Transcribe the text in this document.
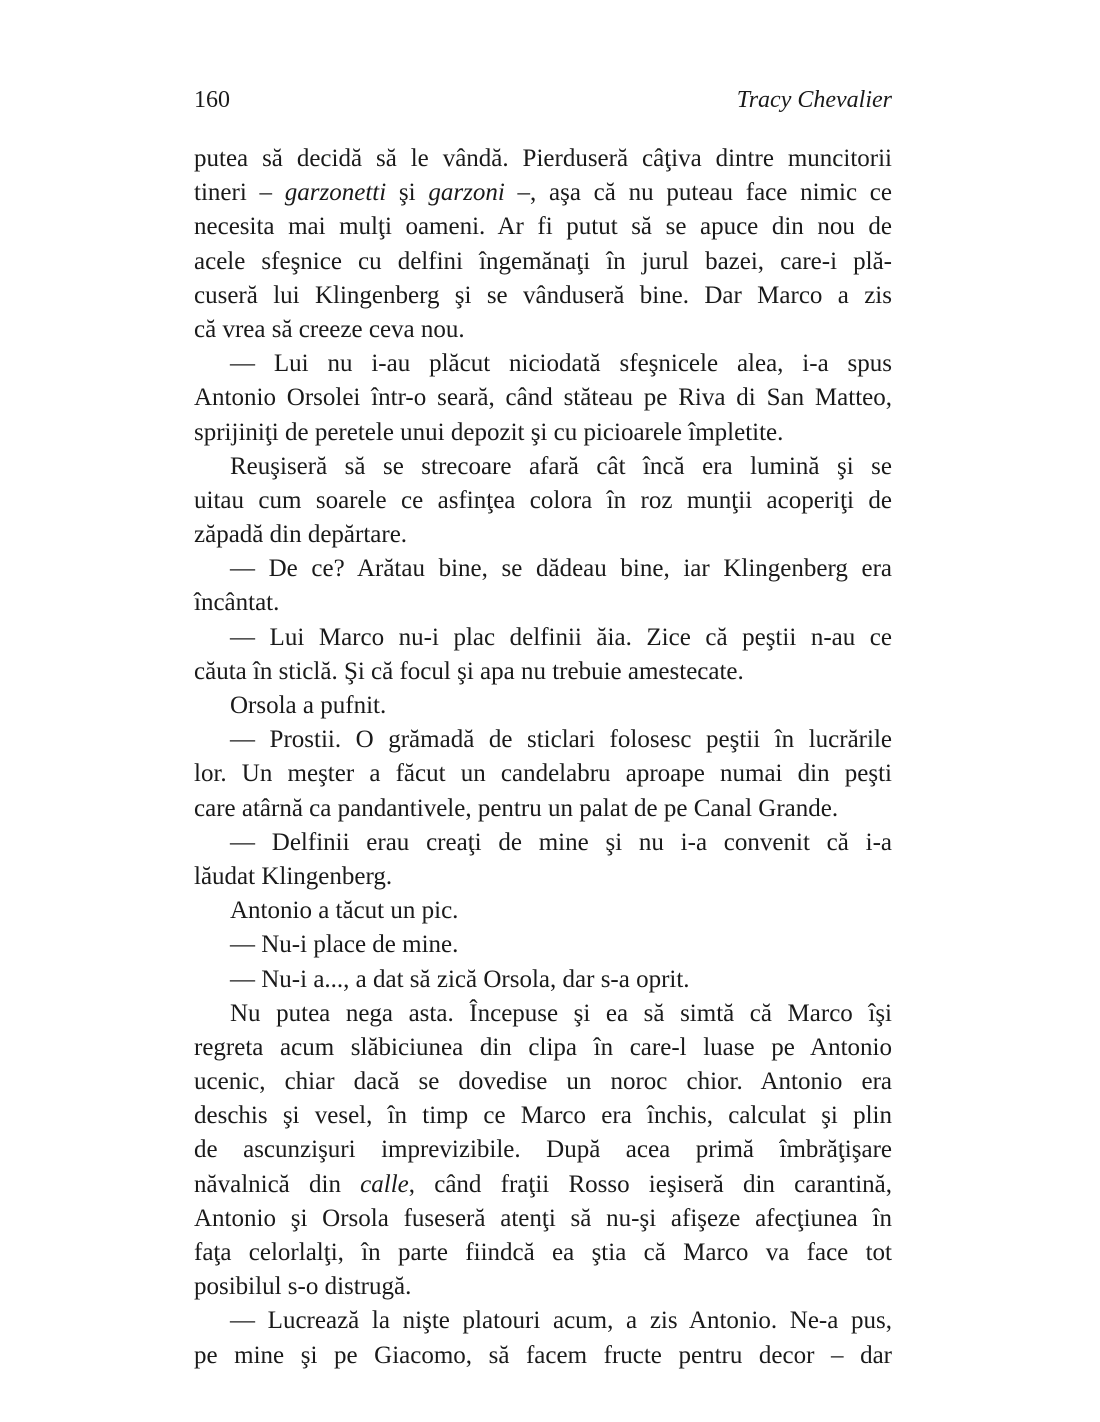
160	Tracy Chevalier
putea să decidă să le vândă. Pierduseră câţiva dintre muncitorii
tineri – garzonetti şi garzoni –, aşa că nu puteau face nimic ce
necesita mai mulţi oameni. Ar fi putut să se apuce din nou de
acele sfeşnice cu delfini îngemănaţi în jurul bazei, care-i plă-
cuseră lui Klingenberg şi se vânduseră bine. Dar Marco a zis
că vrea să creeze ceva nou.
— Lui nu i-au plăcut niciodată sfeşnicele alea, i-a spus
Antonio Orsolei într-o seară, când stăteau pe Riva di San Matteo,
sprijiniţi de peretele unui depozit şi cu picioarele împletite.
Reuşiseră să se strecoare afară cât încă era lumină şi se
uitau cum soarele ce asfinţea colora în roz munţii acoperiţi de
zăpadă din depărtare.
— De ce? Arătau bine, se dădeau bine, iar Klingenberg era
încântat.
— Lui Marco nu-i plac delfinii ăia. Zice că peştii n-au ce
căuta în sticlă. Şi că focul şi apa nu trebuie amestecate.
Orsola a pufnit.
— Prostii. O grămadă de sticlari folosesc peştii în lucrările
lor. Un meşter a făcut un candelabru aproape numai din peşti
care atârnă ca pandantivele, pentru un palat de pe Canal Grande.
— Delfinii erau creaţi de mine şi nu i-a convenit că i-a
lăudat Klingenberg.
Antonio a tăcut un pic.
— Nu-i place de mine.
— Nu-i a..., a dat să zică Orsola, dar s-a oprit.
Nu putea nega asta. Începuse şi ea să simtă că Marco îşi
regreta acum slăbiciunea din clipa în care-l luase pe Antonio
ucenic, chiar dacă se dovedise un noroc chior. Antonio era
deschis şi vesel, în timp ce Marco era închis, calculat şi plin
de ascunzişuri imprevizibile. După acea primă îmbrăţişare
năvalnică din calle, când fraţii Rosso ieşiseră din carantină,
Antonio şi Orsola fuseseră atenţi să nu-şi afişeze afecţiunea în
faţa celorlalţi, în parte fiindcă ea ştia că Marco va face tot
posibilul s-o distrugă.
— Lucrează la nişte platouri acum, a zis Antonio. Ne-a pus,
pe mine şi pe Giacomo, să facem fructe pentru decor – dar
